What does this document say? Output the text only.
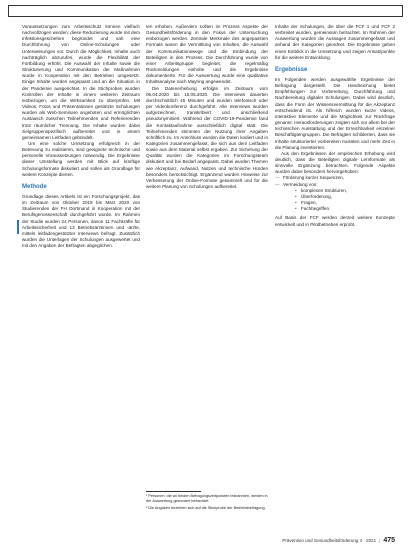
Voraussetzungen zum Arbeitsschutz können vielfach nachvollzogen werden: diese Reduzierung wurde mit dem Infektionsgeschehen begründet und sah eine Durchführung von Online-Schulungen oder Unterweisungen vor. Durch die Möglichkeit, Inhalte auch nachträglich abzurufen, wurde die Flexibilität der Fortbildung erhöht. Die Auswahl der Inhalte sowie die Strukturierung und Kommunikation der Maßnahmen wurde in Kooperation mit den Betrieben umgesetzt. Einige Inhalte wurden angepasst und an die Situation in der Pandemie ausgerichtet. In die Stichproben wurden Kontrollen der Inhalte in einem weiteren Zeitraum einbezogen, um die Wirksamkeit zu überprüfen. Mit Videos, Fotos und Präsentationen gestützte Schulungen wurden als Web-Seminare angeboten und ermöglichten Austausch zwischen Teilnehmenden und Referierenden trotz räumlicher Trennung. Die Inhalte wurden dabei zielgruppenspezifisch aufbereitet und in einem gemeinsamen Leitfaden gebündelt.

Um eine solche Umsetzung erfolgreich in der Betreuung zu realisieren, sind geeignete technische und personelle Voraussetzungen notwendig. Die Ergebnisse dieser Umstellung werden mit Blick auf künftige Schulungsformate diskutiert und sollen als Grundlage für weitere Konzepte dienen.

Methode

Grundlage dieses Artikels ist ein Forschungsprojekt, das im Zeitraum von Oktober 2019 bis März 2020 von Studierenden der FH Dortmund in Kooperation mit der Berufsgenossenschaft durchgeführt wurde. Im Rahmen der Studie wurden 24 Personen, davon 11 Fachkräfte für Arbeitssicherheit und 13 Betriebsärztinnen und -ärzte, mittels leitfadengestützter Interviews befragt. Zusätzlich wurden die Unterlagen der Schulungen ausgewertet und mit den Angaben der Befragten abgeglichen.

ten erhoben. Außerdem sollten im Prozess Aspekte der Gesundheitsförderung in den Fokus der Untersuchung einbezogen werden. Zentrale Merkmale des angepassten Formats waren die Vermittlung von Inhalten, die Auswahl der Kommunikationswege und die Einbindung der Beteiligten in den Prozess. Die Durchführung wurde von einer Arbeitsgruppe begleitet, die regelmäßig Rückmeldungen einholte und die Ergebnisse dokumentierte. Für die Auswertung wurde eine qualitative Inhaltsanalyse nach Mayring angewendet.

Die Datenerhebung erfolgte im Zeitraum vom 06.04.2020 bis 15.05.2020. Die Interviews dauerten durchschnittlich 45 Minuten und wurden telefonisch oder per Videokonferenz durchgeführt. Alle Interviews wurden aufgezeichnet, transkribiert und anschließend pseudonymisiert. Während der COVID-19-Pandemie fand die Kontaktaufnahme ausschließlich digital statt. Die Teilnehmenden stimmten der Nutzung ihrer Angaben schriftlich zu. Im Anschluss wurden die Daten kodiert und in Kategorien zusammengefasst, die sich aus dem Leitfaden sowie aus dem Material selbst ergaben. Zur Sicherung der Qualität wurden die Kategorien im Forschungsteam diskutiert und bei Bedarf angepasst. Dabei wurden Themen wie Akzeptanz, Aufwand, Nutzen und technische Hürden besonders berücksichtigt. Ergänzend wurden Hinweise zur Verbesserung der Online-Formate gesammelt und für die weitere Planung von Schulungen aufbereitet.

¹ Personen, die an beiden Befragungszeitpunkten teilnahmen, werden in der Auswertung gesondert betrachtet.

² Die Angaben beziehen sich auf die Stichprobe der Betriebsbefragung.

Inhalte der Schulungen, die über die FCF 1 und FCF 2 verbreitet wurden, gemeinsam betrachtet. Im Rahmen der Auswertung wurden die Aussagen zusammengefasst und anhand der Kategorien geordnet. Die Ergebnisse geben einen Einblick in die Umsetzung und zeigen Ansatzpunkte für die weitere Entwicklung.

Ergebnisse

Im Folgenden werden ausgewählte Ergebnisse der Befragung dargestellt. Die Handreichung bietet Empfehlungen zur Vorbereitung, Durchführung und Nachbereitung digitaler Schulungen. Dabei wird deutlich, dass die Form der Wissensvermittlung für die Akzeptanz entscheidend ist. Als hilfreich wurden kurze Videos, interaktive Elemente und die Möglichkeit zur Rückfrage genannt. Herausforderungen zeigten sich vor allem bei der technischen Ausstattung und der Erreichbarkeit einzelner Beschäftigtengruppen. Die Befragten schilderten, dass sie Inhalte strukturierter vorbereiten mussten und mehr Zeit in die Planung investierten.

Aus den Ergebnissen der empirischen Erhebung wird deutlich, dass die Beteiligten digitale Lernformate als sinnvolle Ergänzung betrachten. Folgende Aspekte wurden dabei besonders hervorgehoben:

— Förderung kurzer Sequenzen,
— Vermeidung von:
• komplexen Strukturen,
• Überforderung,
• Fragen,
• Fachbegriffen.

Auf Basis der FCF werden derzeit weitere Konzepte entwickelt und in Pilotbetrieben erprobt.

Prävention und Gesundheitsförderung 4 · 2021 | 475
